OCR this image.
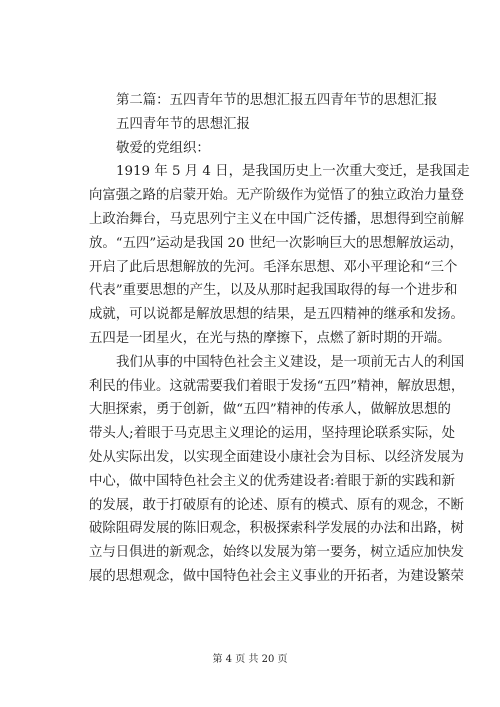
第二篇：五四青年节的思想汇报五四青年节的思想汇报
五四青年节的思想汇报
敬爱的党组织：
1919 年 5 月 4 日，是我国历史上一次重大变迁，是我国走
向富强之路的启蒙开始。无产阶级作为觉悟了的独立政治力量登
上政治舞台，马克思列宁主义在中国广泛传播，思想得到空前解
放。“五四”运动是我国 20 世纪一次影响巨大的思想解放运动，
开启了此后思想解放的先河。毛泽东思想、邓小平理论和“三个
代表”重要思想的产生，以及从那时起我国取得的每一个进步和
成就，可以说都是解放思想的结果，是五四精神的继承和发扬。
五四是一团星火，在光与热的摩擦下，点燃了新时期的开端。
我们从事的中国特色社会主义建设，是一项前无古人的利国
利民的伟业。这就需要我们着眼于发扬“五四”精神，解放思想，
大胆探索，勇于创新，做“五四”精神的传承人，做解放思想的
带头人;着眼于马克思主义理论的运用，坚持理论联系实际，处
处从实际出发，以实现全面建设小康社会为目标、以经济发展为
中心，做中国特色社会主义的优秀建设者:着眼于新的实践和新
的发展，敢于打破原有的论述、原有的模式、原有的观念，不断
破除阻碍发展的陈旧观念，积极探索科学发展的办法和出路，树
立与日俱进的新观念，始终以发展为第一要务，树立适应加快发
展的思想观念，做中国特色社会主义事业的开拓者，为建设繁荣
第 4 页 共 20 页
